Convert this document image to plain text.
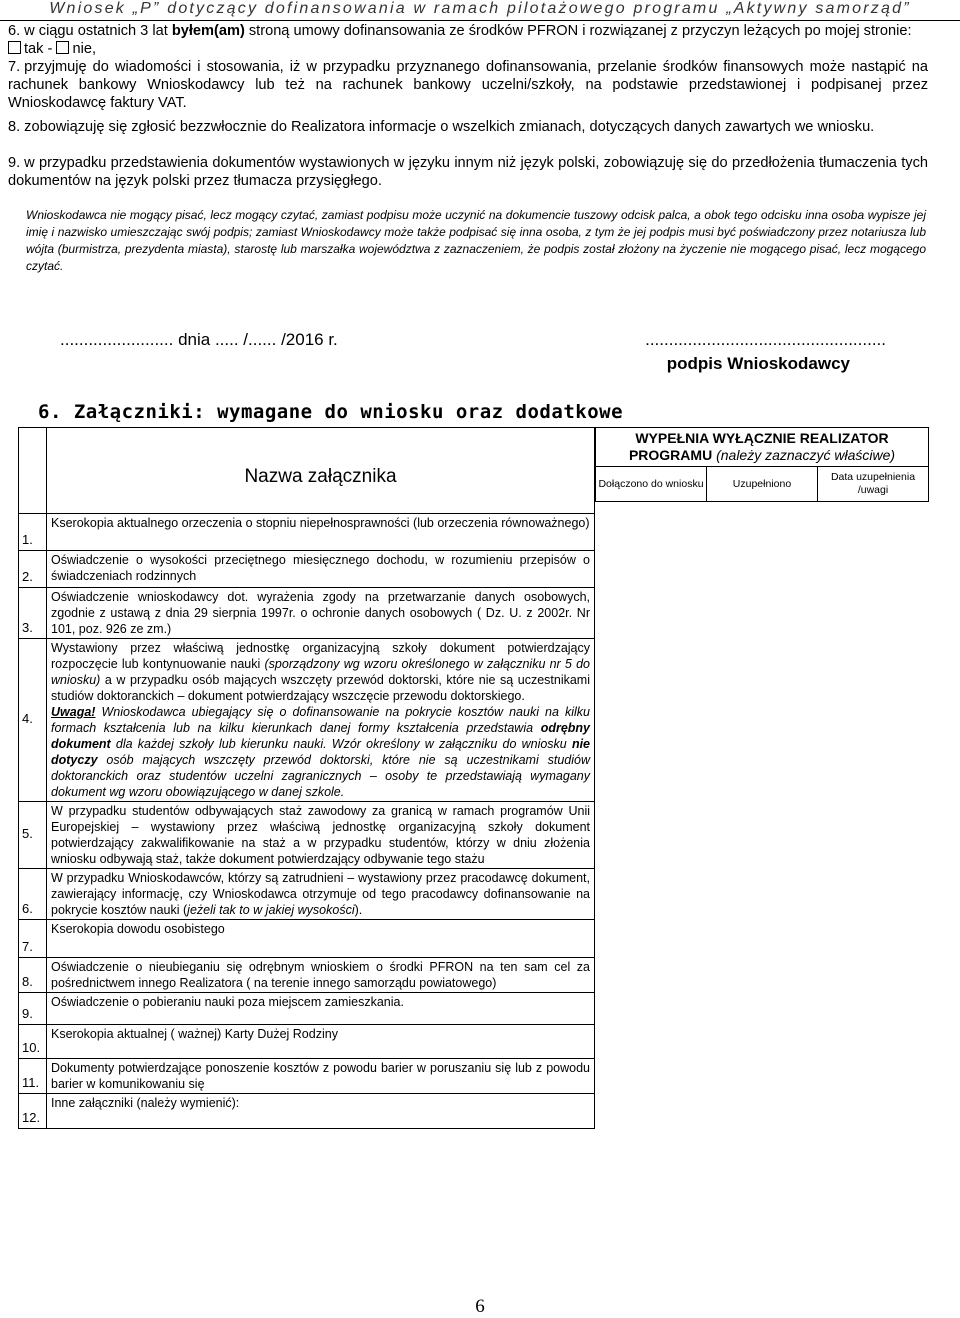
Wniosek „P” dotyczący dofinansowania w ramach pilotażowego programu „Aktywny samorząd”
6. w ciągu ostatnich 3 lat byłem(am) stroną umowy dofinansowania ze środków PFRON i rozwiązanej z przyczyn leżących po mojej stronie: tak - nie,
7. przyjmuję do wiadomości i stosowania, iż w przypadku przyznanego dofinansowania, przelanie środków finansowych może nastąpić na rachunek bankowy Wnioskodawcy lub też na rachunek bankowy uczelni/szkoły, na podstawie przedstawionej i podpisanej przez Wnioskodawcę faktury VAT.
8. zobowiązuję się zgłosić bezzwłocznie do Realizatora informacje o wszelkich zmianach, dotyczących danych zawartych we wniosku.
9. w przypadku przedstawienia dokumentów wystawionych w języku innym niż język polski, zobowiązuję się do przedłożenia tłumaczenia tych dokumentów na język polski przez tłumacza przysięgłego.
Wnioskodawca nie mogący pisać, lecz mogący czytać, zamiast podpisu może uczynić na dokumencie tuszowy odcisk palca, a obok tego odcisku inna osoba wypisze jej imię i nazwisko umieszczając swój podpis; zamiast Wnioskodawcy może także podpisać się inna osoba, z tym że jej podpis musi być poświadczony przez notariusza lub wójta (burmistrza, prezydenta miasta), starostę lub marszałka województwa z zaznaczeniem, że podpis został złożony na życzenie nie mogącego pisać, lecz mogącego czytać.
........................ dnia ..... /...... /2016 r.	...................................................
podpis Wnioskodawcy
6. Załączniki: wymagane do wniosku oraz dodatkowe
	Nazwa załącznika
1.	Kserokopia aktualnego orzeczenia o stopniu niepełnosprawności (lub orzeczenia równoważnego)
2.	Oświadczenie o wysokości przeciętnego miesięcznego dochodu, w rozumieniu przepisów o świadczeniach rodzinnych
3.	Oświadczenie wnioskodawcy dot. wyrażenia zgody na przetwarzanie danych osobowych, zgodnie z ustawą z dnia 29 sierpnia 1997r. o ochronie danych osobowych ( Dz. U. z 2002r. Nr 101, poz. 926 ze zm.)
4.	Wystawiony przez właściwą jednostkę organizacyjną szkoły dokument potwierdzający rozpoczęcie lub kontynuowanie nauki (sporządzony wg wzoru określonego w załączniku nr 5 do wniosku) a w przypadku osób mających wszczęty przewód doktorski, które nie są uczestnikami studiów doktoranckich – dokument potwierdzający wszczęcie przewodu doktorskiego.
Uwaga! Wnioskodawca ubiegający się o dofinansowanie na pokrycie kosztów nauki na kilku formach kształcenia lub na kilku kierunkach danej formy kształcenia przedstawia odrębny dokument dla każdej szkoły lub kierunku nauki. Wzór określony w załączniku do wniosku nie dotyczy osób mających wszczęty przewód doktorski, które nie są uczestnikami studiów doktoranckich oraz studentów uczelni zagranicznych – osoby te przedstawiają wymagany dokument wg wzoru obowiązującego w danej szkole.
5.	W przypadku studentów odbywających staż zawodowy za granicą w ramach programów Unii Europejskiej – wystawiony przez właściwą jednostkę organizacyjną szkoły dokument potwierdzający zakwalifikowanie na staż a w przypadku studentów, którzy w dniu złożenia wniosku odbywają staż, także dokument potwierdzający odbywanie tego stażu
6.	W przypadku Wnioskodawców, którzy są zatrudnieni – wystawiony przez pracodawcę dokument, zawierający informację, czy Wnioskodawca otrzymuje od tego pracodawcy dofinansowanie na pokrycie kosztów nauki (jeżeli tak to w jakiej wysokości).
7.	Kserokopia dowodu osobistego
8.	Oświadczenie o nieubieganiu się odrębnym wnioskiem o środki PFRON na ten sam cel za pośrednictwem innego Realizatora ( na terenie innego samorządu powiatowego)
9.	Oświadczenie o pobieraniu nauki poza miejscem zamieszkania.
10.	Kserokopia aktualnej ( ważnej) Karty Dużej Rodziny
11.	Dokumenty potwierdzające ponoszenie kosztów z powodu barier w poruszaniu się lub z powodu barier w komunikowaniu się
12.	Inne załączniki (należy wymienić):
WYPEŁNIA WYŁĄCZNIE REALIZATOR PROGRAMU (należy zaznaczyć właściwe)
Dołączono do wniosku	Uzupełniono	Data uzupełnienia /uwagi
6
